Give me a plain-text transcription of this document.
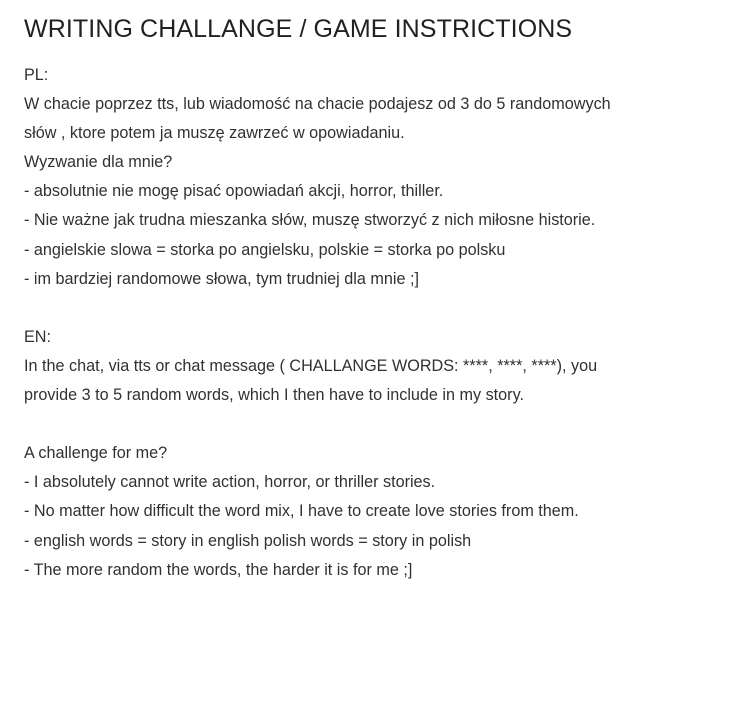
WRITING CHALLANGE / GAME INSTRICTIONS
PL:
W chacie poprzez tts, lub wiadomość na chacie podajesz od 3 do 5 randomowych
słów , ktore potem ja muszę zawrzeć w opowiadaniu.
Wyzwanie dla mnie?
- absolutnie nie mogę pisać opowiadań akcji, horror, thiller.
- Nie ważne jak trudna mieszanka słów, muszę stworzyć z nich miłosne historie.
- angielskie slowa = storka po angielsku, polskie = storka po polsku
- im bardziej randomowe słowa, tym trudniej dla mnie ;]
EN:
In the chat, via tts or chat message ( CHALLANGE WORDS: ****, ****, ****), you
provide 3 to 5 random words, which I then have to include in my story.
A challenge for me?
- I absolutely cannot write action, horror, or thriller stories.
- No matter how difficult the word mix, I have to create love stories from them.
- english words = story in english polish words = story in polish
- The more random the words, the harder it is for me ;]
